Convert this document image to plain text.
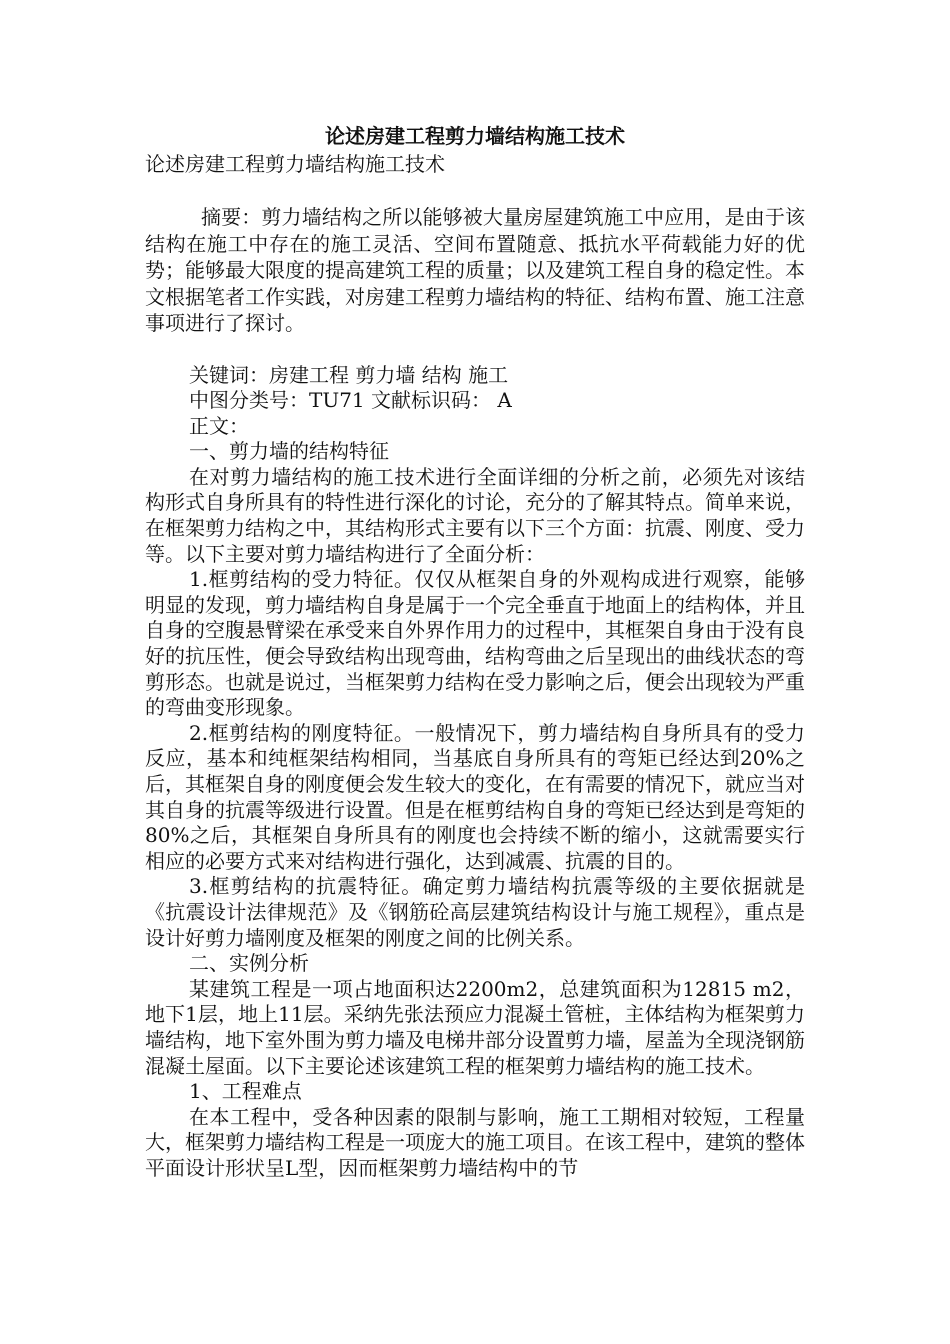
论述房建工程剪力墙结构施工技术

论述房建工程剪力墙结构施工技术

摘要：剪力墙结构之所以能够被大量房屋建筑施工中应用，是由于该结构在施工中存在的施工灵活、空间布置随意、抵抗水平荷载能力好的优势；能够最大限度的提高建筑工程的质量；以及建筑工程自身的稳定性。本文根据笔者工作实践，对房建工程剪力墙结构的特征、结构布置、施工注意事项进行了探讨。

关键词：房建工程 剪力墙 结构 施工

中图分类号：TU71 文献标识码： A

正文：

一、剪力墙的结构特征

在对剪力墙结构的施工技术进行全面详细的分析之前，必须先对该结构形式自身所具有的特性进行深化的讨论，充分的了解其特点。简单来说，在框架剪力结构之中，其结构形式主要有以下三个方面：抗震、刚度、受力等。以下主要对剪力墙结构进行了全面分析：

1.框剪结构的受力特征。仅仅从框架自身的外观构成进行观察，能够明显的发现，剪力墙结构自身是属于一个完全垂直于地面上的结构体，并且自身的空腹悬臂梁在承受来自外界作用力的过程中，其框架自身由于没有良好的抗压性，便会导致结构出现弯曲，结构弯曲之后呈现出的曲线状态的弯剪形态。也就是说过，当框架剪力结构在受力影响之后，便会出现较为严重的弯曲变形现象。

2.框剪结构的刚度特征。一般情况下，剪力墙结构自身所具有的受力反应，基本和纯框架结构相同，当基底自身所具有的弯矩已经达到20%之后，其框架自身的刚度便会发生较大的变化，在有需要的情况下，就应当对其自身的抗震等级进行设置。但是在框剪结构自身的弯矩已经达到是弯矩的80%之后，其框架自身所具有的刚度也会持续不断的缩小，这就需要实行相应的必要方式来对结构进行强化，达到减震、抗震的目的。

3.框剪结构的抗震特征。确定剪力墙结构抗震等级的主要依据就是《抗震设计法律规范》及《钢筋砼高层建筑结构设计与施工规程》，重点是设计好剪力墙刚度及框架的刚度之间的比例关系。

二、实例分析

某建筑工程是一项占地面积达2200m2，总建筑面积为12815 m2，地下1层，地上11层。采纳先张法预应力混凝土管桩，主体结构为框架剪力墙结构，地下室外围为剪力墙及电梯井部分设置剪力墙，屋盖为全现浇钢筋混凝土屋面。以下主要论述该建筑工程的框架剪力墙结构的施工技术。

1、工程难点

在本工程中，受各种因素的限制与影响，施工工期相对较短，工程量大，框架剪力墙结构工程是一项庞大的施工项目。在该工程中，建筑的整体平面设计形状呈L型，因而框架剪力墙结构中的节
